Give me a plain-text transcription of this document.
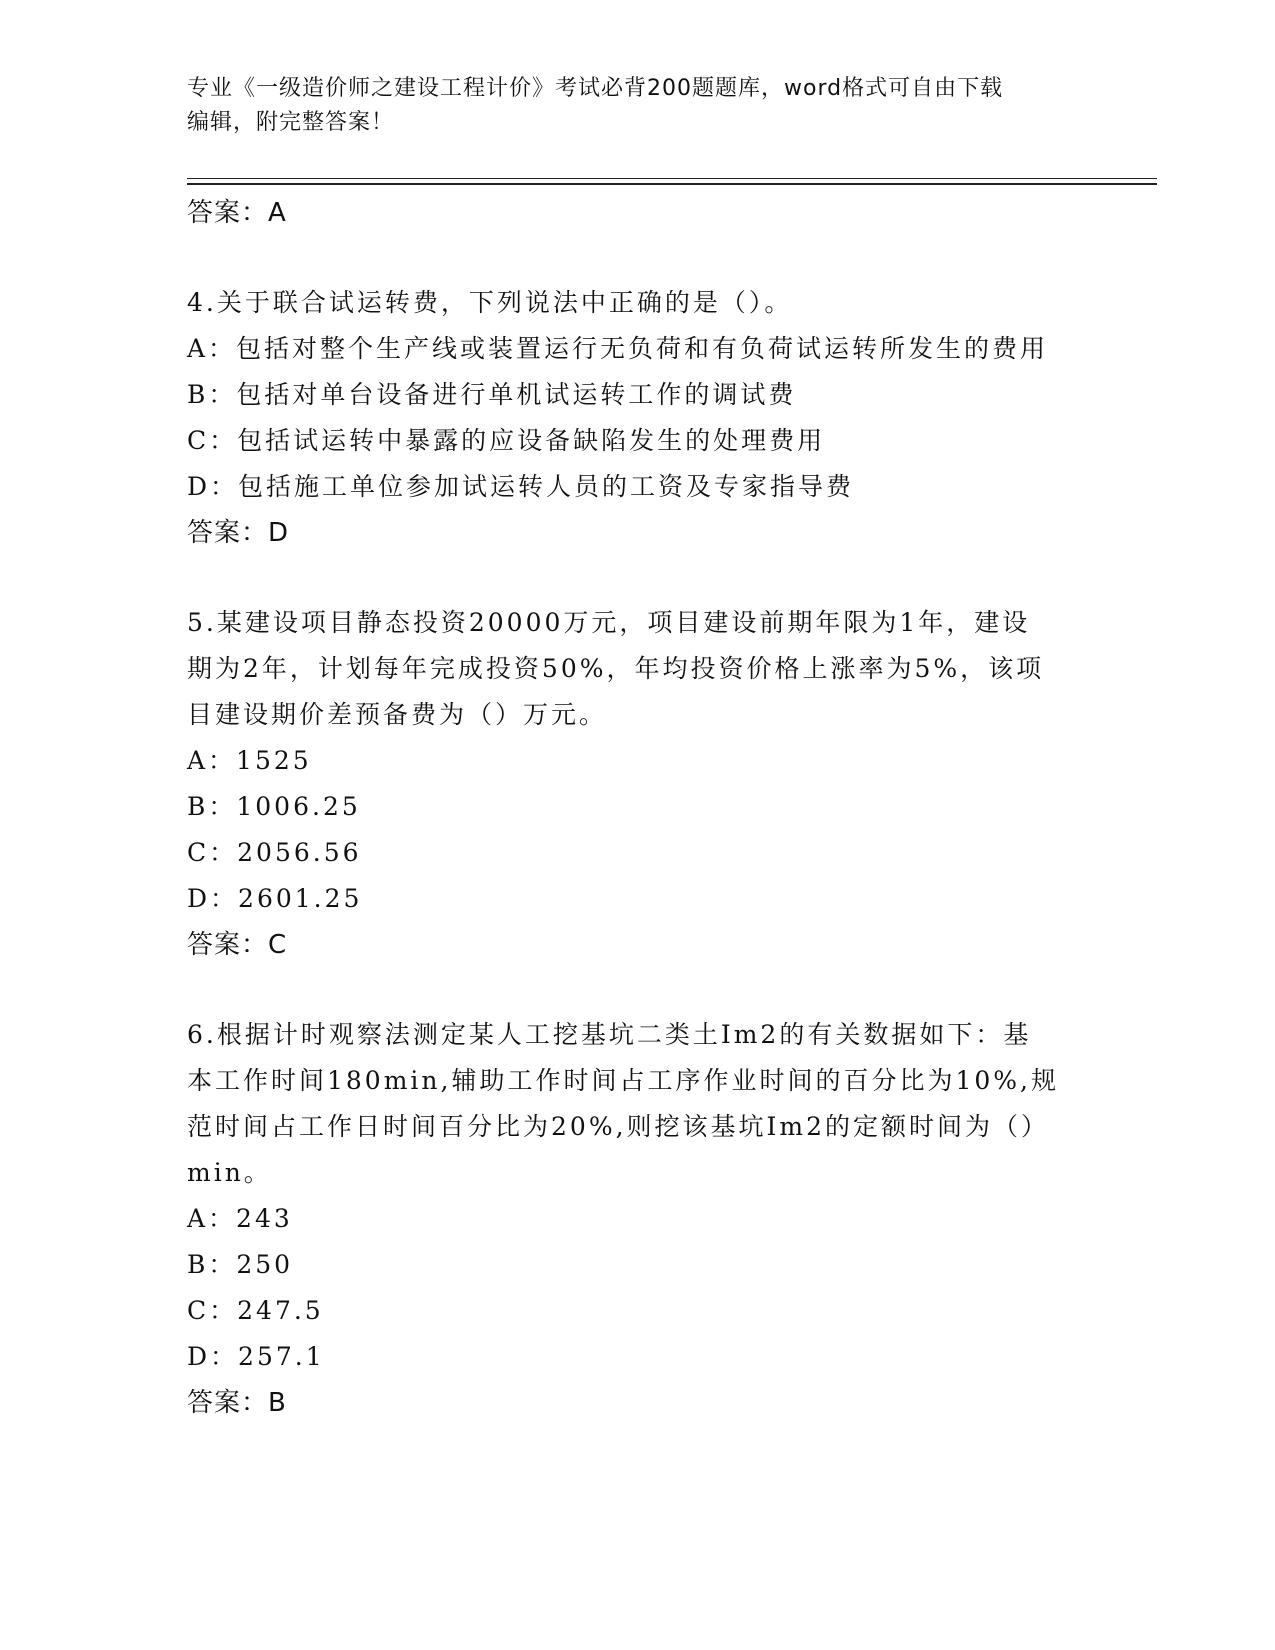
专业《一级造价师之建设工程计价》考试必背200题题库，word格式可自由下载
编辑，附完整答案！
答案：A
4.关于联合试运转费，下列说法中正确的是（）。
A：包括对整个生产线或装置运行无负荷和有负荷试运转所发生的费用
B：包括对单台设备进行单机试运转工作的调试费
C：包括试运转中暴露的应设备缺陷发生的处理费用
D：包括施工单位参加试运转人员的工资及专家指导费
答案：D
5.某建设项目静态投资20000万元，项目建设前期年限为1年，建设
期为2年，计划每年完成投资50%，年均投资价格上涨率为5%，该项
目建设期价差预备费为（）万元。
A：1525
B：1006.25
C：2056.56
D：2601.25
答案：C
6.根据计时观察法测定某人工挖基坑二类土Im2的有关数据如下：基
本工作时间180min,辅助工作时间占工序作业时间的百分比为10%,规
范时间占工作日时间百分比为20%,则挖该基坑Im2的定额时间为（）
min。
A：243
B：250
C：247.5
D：257.1
答案：B
